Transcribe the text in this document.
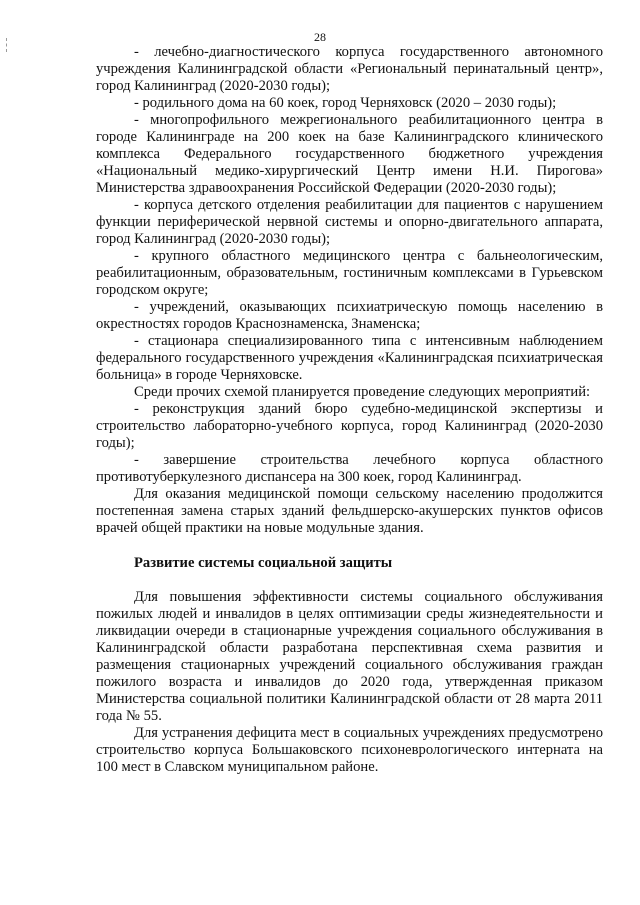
28

- лечебно-диагностического корпуса государственного автономного учреждения Калининградской области «Региональный перинатальный центр», город Калининград (2020-2030 годы);

- родильного дома на 60 коек, город Черняховск (2020 – 2030 годы);

- многопрофильного межрегионального реабилитационного центра в городе Калининграде на 200 коек на базе Калининградского клинического комплекса Федерального государственного бюджетного учреждения «Национальный медико-хирургический Центр имени Н.И. Пирогова» Министерства здравоохранения Российской Федерации (2020-2030 годы);

- корпуса детского отделения реабилитации для пациентов с нарушением функции периферической нервной системы и опорно-двигательного аппарата, город Калининград (2020-2030 годы);

- крупного областного медицинского центра с бальнеологическим, реабилитационным, образовательным, гостиничным комплексами в Гурьевском городском округе;

- учреждений, оказывающих психиатрическую помощь населению в окрестностях городов Краснознаменска, Знаменска;

- стационара специализированного типа с интенсивным наблюдением федерального государственного учреждения «Калининградская психиатрическая больница» в городе Черняховске.

Среди прочих схемой планируется проведение следующих мероприятий:

- реконструкция зданий бюро судебно-медицинской экспертизы и строительство лабораторно-учебного корпуса, город Калининград (2020-2030 годы);

- завершение строительства лечебного корпуса областного противотуберкулезного диспансера на 300 коек, город Калининград.

Для оказания медицинской помощи сельскому населению продолжится постепенная замена старых зданий фельдшерско-акушерских пунктов офисов врачей общей практики на новые модульные здания.

Развитие системы социальной защиты

Для повышения эффективности системы социального обслуживания пожилых людей и инвалидов в целях оптимизации среды жизнедеятельности и ликвидации очереди в стационарные учреждения социального обслуживания в Калининградской области разработана перспективная схема развития и размещения стационарных учреждений социального обслуживания граждан пожилого возраста и инвалидов до 2020 года, утвержденная приказом Министерства социальной политики Калининградской области от 28 марта 2011 года № 55.

Для устранения дефицита мест в социальных учреждениях предусмотрено строительство корпуса Большаковского психоневрологического интерната на 100 мест в Славском муниципальном районе.
